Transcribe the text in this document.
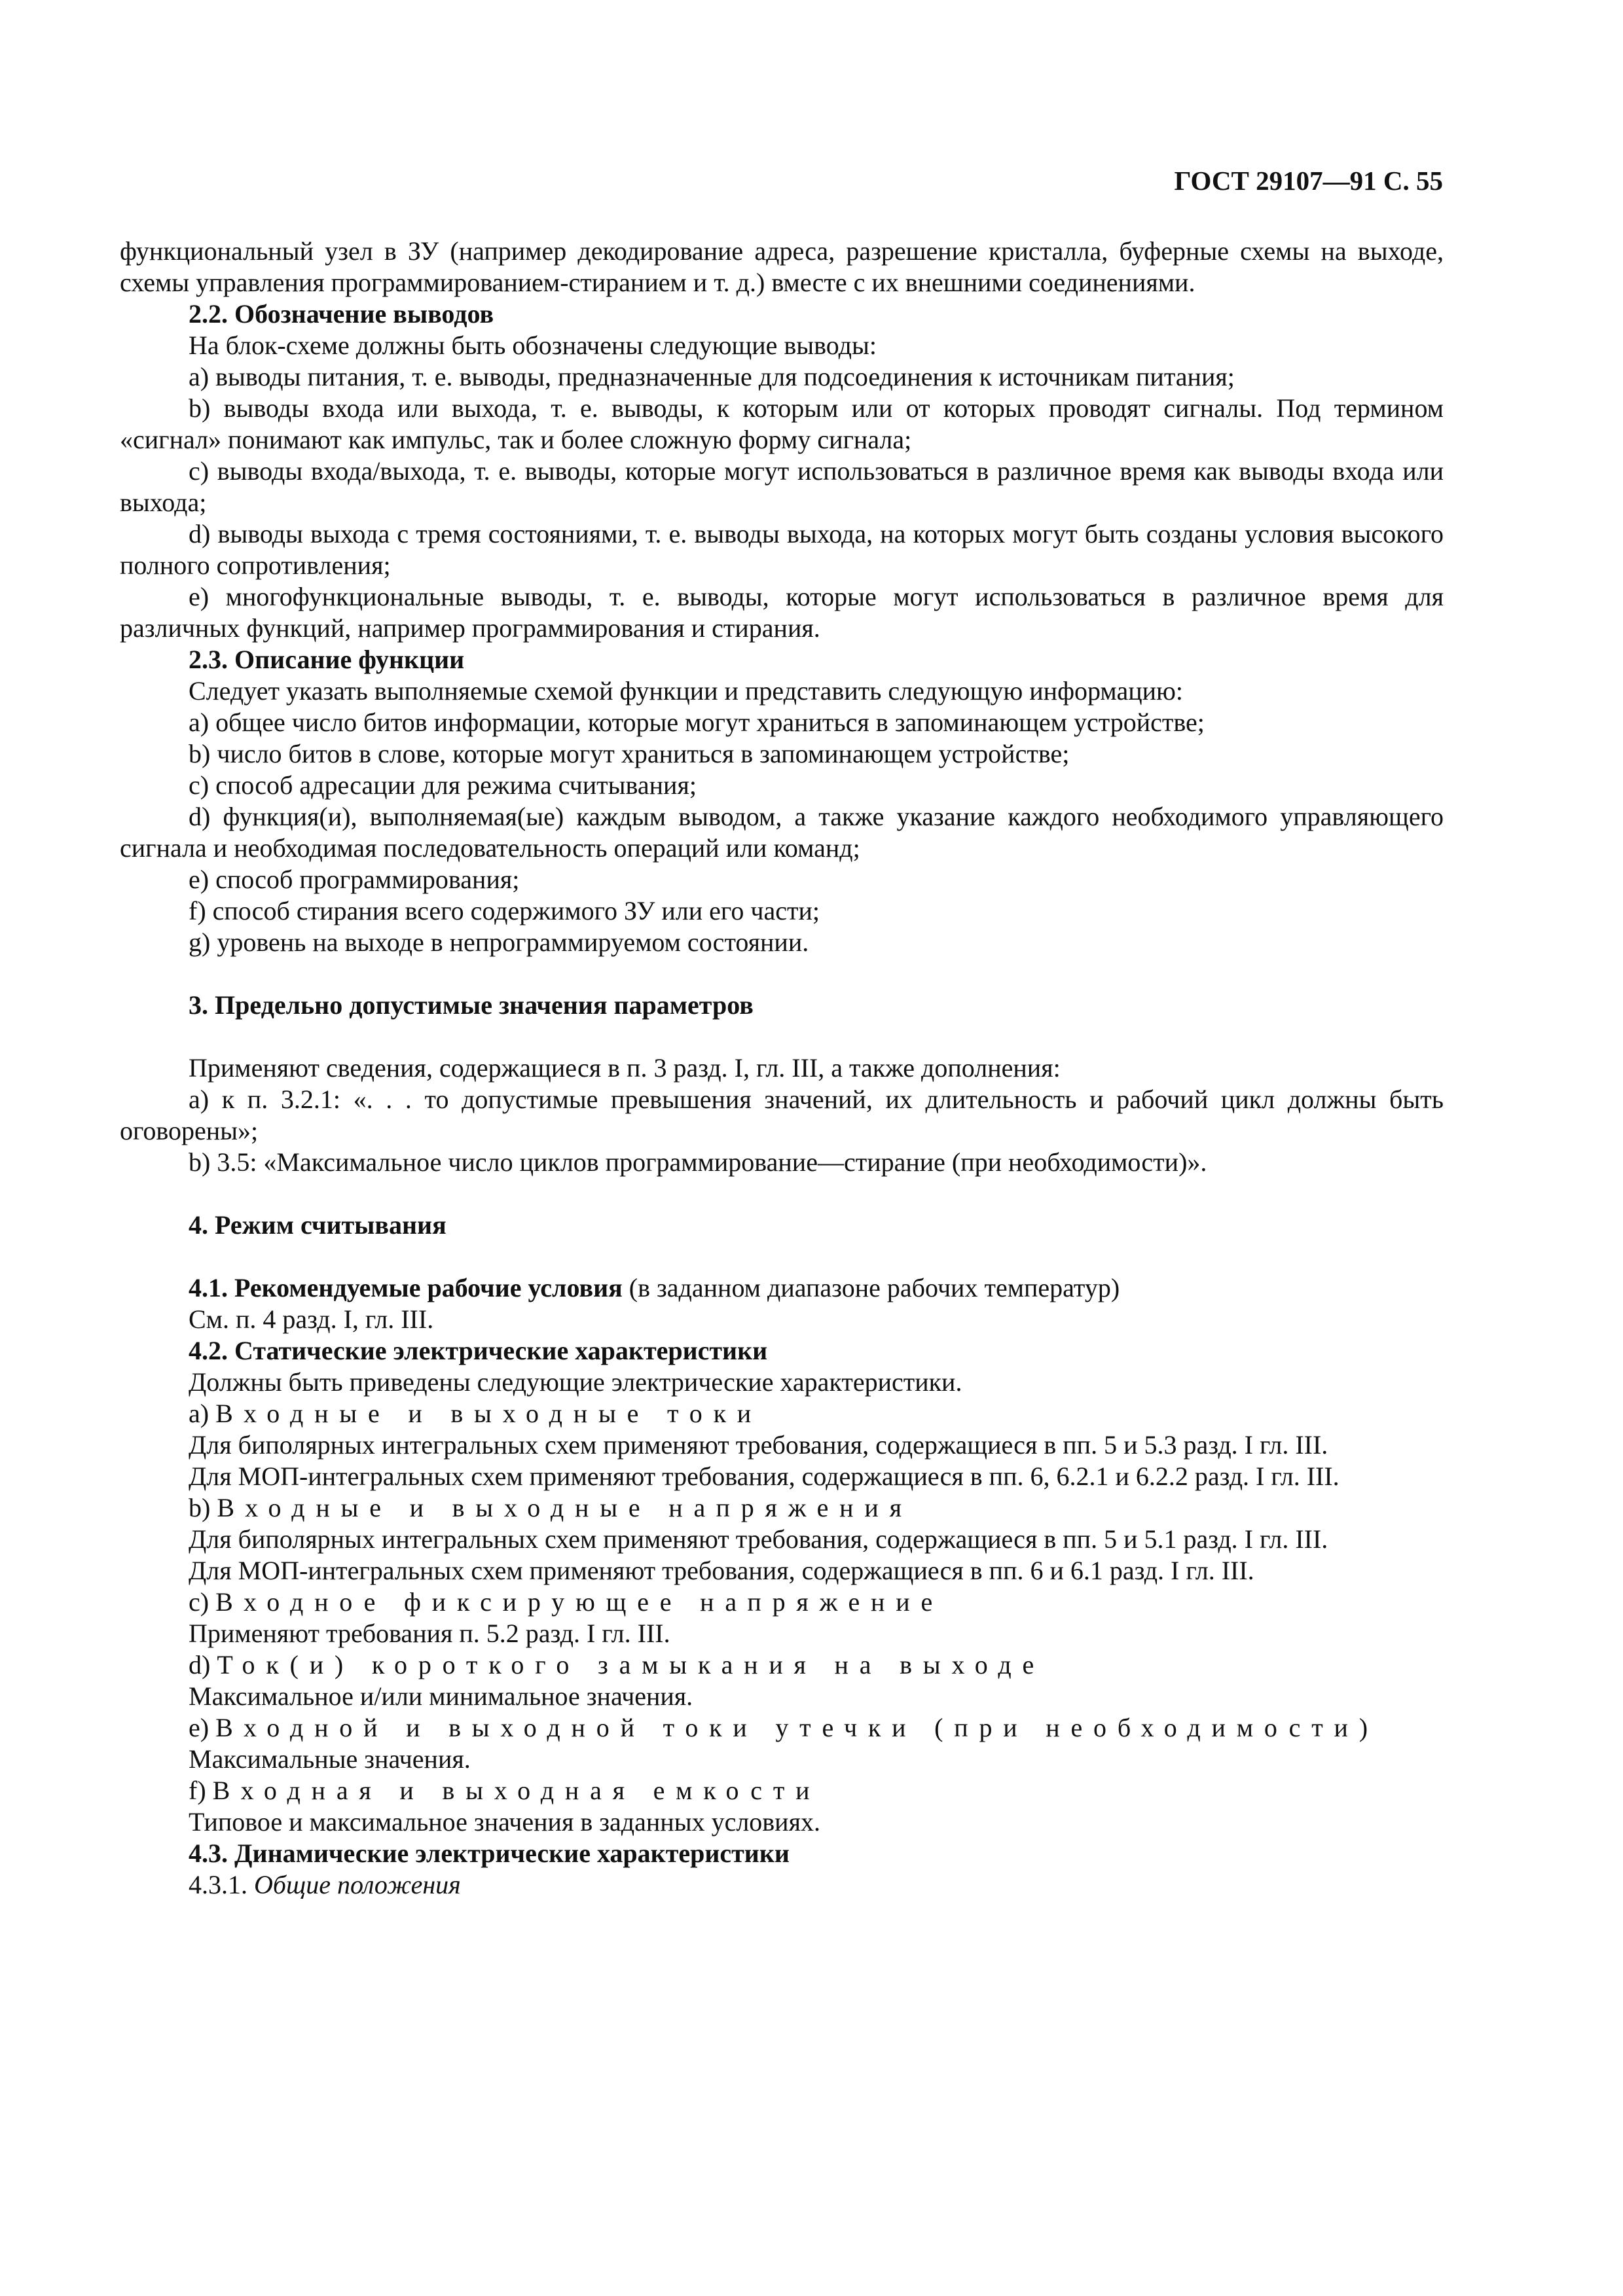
ГОСТ 29107—91 С. 55

функциональный узел в ЗУ (например декодирование адреса, разрешение кристалла, буферные схемы на выходе, схемы управления программированием-стиранием и т. д.) вместе с их внешними соединениями.

2.2. Обозначение выводов

На блок-схеме должны быть обозначены следующие выводы:

a) выводы питания, т. е. выводы, предназначенные для подсоединения к источникам питания;

b) выводы входа или выхода, т. е. выводы, к которым или от которых проводят сигналы. Под термином «сигнал» понимают как импульс, так и более сложную форму сигнала;

c) выводы входа/выхода, т. е. выводы, которые могут использоваться в различное время как выводы входа или выхода;

d) выводы выхода с тремя состояниями, т. е. выводы выхода, на которых могут быть созданы условия высокого полного сопротивления;

e) многофункциональные выводы, т. е. выводы, которые могут использоваться в различное время для различных функций, например программирования и стирания.

2.3. Описание функции

Следует указать выполняемые схемой функции и представить следующую информацию:

a) общее число битов информации, которые могут храниться в запоминающем устройстве;

b) число битов в слове, которые могут храниться в запоминающем устройстве;

c) способ адресации для режима считывания;

d) функция(и), выполняемая(ые) каждым выводом, а также указание каждого необходимого управляющего сигнала и необходимая последовательность операций или команд;

e) способ программирования;

f) способ стирания всего содержимого ЗУ или его части;

g) уровень на выходе в непрограммируемом состоянии.

3. Предельно допустимые значения параметров

Применяют сведения, содержащиеся в п. 3 разд. I, гл. III, а также дополнения:

a) к п. 3.2.1: «. . . то допустимые превышения значений, их длительность и рабочий цикл должны быть оговорены»;

b) 3.5: «Максимальное число циклов программирование—стирание (при необходимости)».

4. Режим считывания

4.1. Рекомендуемые рабочие условия (в заданном диапазоне рабочих температур)

См. п. 4 разд. I, гл. III.

4.2. Статические электрические характеристики

Должны быть приведены следующие электрические характеристики.

a) Входные и выходные токи

Для биполярных интегральных схем применяют требования, содержащиеся в пп. 5 и 5.3 разд. I гл. III.

Для МОП-интегральных схем применяют требования, содержащиеся в пп. 6, 6.2.1 и 6.2.2 разд. I гл. III.

b) Входные и выходные напряжения

Для биполярных интегральных схем применяют требования, содержащиеся в пп. 5 и 5.1 разд. I гл. III.

Для МОП-интегральных схем применяют требования, содержащиеся в пп. 6 и 6.1 разд. I гл. III.

c) Входное фиксирующее напряжение

Применяют требования п. 5.2 разд. I гл. III.

d) Ток(и) короткого замыкания на выходе

Максимальное и/или минимальное значения.

e) Входной и выходной токи утечки (при необходимости)

Максимальные значения.

f) Входная и выходная емкости

Типовое и максимальное значения в заданных условиях.

4.3. Динамические электрические характеристики

4.3.1. Общие положения
